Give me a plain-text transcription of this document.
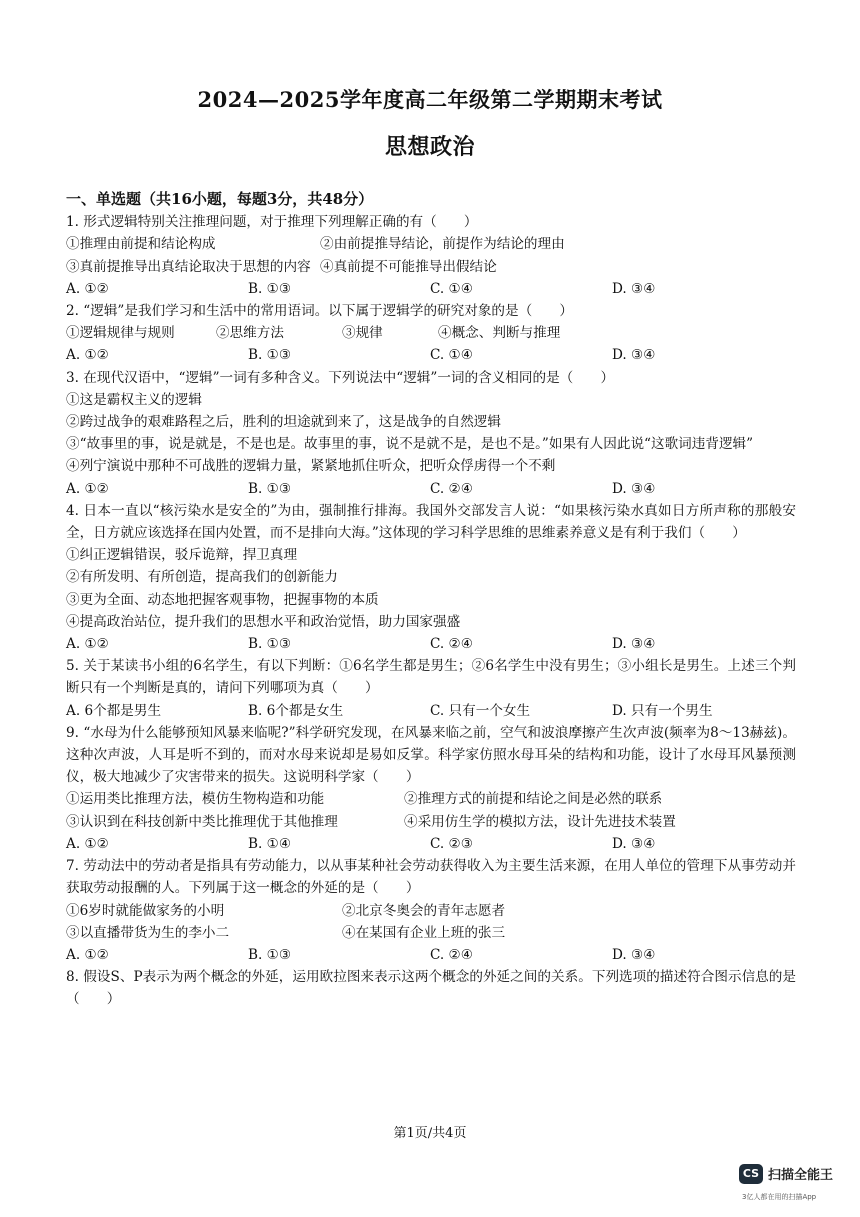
2024—2025学年度高二年级第二学期期末考试
思想政治
一、单选题（共16小题，每题3分，共48分）
1. 形式逻辑特别关注推理问题，对于推理下列理解正确的有（　　）
①推理由前提和结论构成	②由前提推导结论，前提作为结论的理由
③真前提推导出真结论取决于思想的内容 ④真前提不可能推导出假结论
A. ①②	B. ①③	C. ①④	D. ③④
2. “逻辑”是我们学习和生活中的常用语词。以下属于逻辑学的研究对象的是（　　）
①逻辑规律与规则	②思维方法	③规律	④概念、判断与推理
A. ①②	B. ①③	C. ①④	D. ③④
3. 在现代汉语中，“逻辑”一词有多种含义。下列说法中“逻辑”一词的含义相同的是（　　）
①这是霸权主义的逻辑
②跨过战争的艰难路程之后，胜利的坦途就到来了，这是战争的自然逻辑
③“故事里的事，说是就是，不是也是。故事里的事，说不是就不是，是也不是。”如果有人因此说“这歌词违背逻辑”
④列宁演说中那种不可战胜的逻辑力量，紧紧地抓住听众，把听众俘虏得一个不剩
A. ①②	B. ①③	C. ②④	D. ③④
4. 日本一直以“核污染水是安全的”为由，强制推行排海。我国外交部发言人说：“如果核污染水真如日方所声称的那般安全，日方就应该选择在国内处置，而不是排向大海。”这体现的学习科学思维的思维素养意义是有利于我们（　　）
①纠正逻辑错误，驳斥诡辩，捍卫真理
②有所发明、有所创造，提高我们的创新能力
③更为全面、动态地把握客观事物，把握事物的本质
④提高政治站位，提升我们的思想水平和政治觉悟，助力国家强盛
A. ①②	B. ①③	C. ②④	D. ③④
5. 关于某读书小组的6名学生，有以下判断：①6名学生都是男生；②6名学生中没有男生；③小组长是男生。上述三个判断只有一个判断是真的，请问下列哪项为真（　　）
A. 6个都是男生	B. 6个都是女生	C. 只有一个女生	D. 只有一个男生
9. “水母为什么能够预知风暴来临呢?”科学研究发现，在风暴来临之前，空气和波浪摩擦产生次声波(频率为8～13赫兹)。这种次声波，人耳是听不到的，而对水母来说却是易如反掌。科学家仿照水母耳朵的结构和功能，设计了水母耳风暴预测仪，极大地减少了灾害带来的损失。这说明科学家（　　）
①运用类比推理方法，模仿生物构造和功能	②推理方式的前提和结论之间是必然的联系
③认识到在科技创新中类比推理优于其他推理	④采用仿生学的模拟方法，设计先进技术装置
A. ①②	B. ①④	C. ②③	D. ③④
7. 劳动法中的劳动者是指具有劳动能力，以从事某种社会劳动获得收入为主要生活来源，在用人单位的管理下从事劳动并获取劳动报酬的人。下列属于这一概念的外延的是（　　）
①6岁时就能做家务的小明	②北京冬奥会的青年志愿者
③以直播带货为生的李小二	④在某国有企业上班的张三
A. ①②	B. ①③	C. ②④	D. ③④
8. 假设S、P表示为两个概念的外延，运用欧拉图来表示这两个概念的外延之间的关系。下列选项的描述符合图示信息的是（　　）
第1页/共4页
CS 扫描全能王
3亿人都在用的扫描App
